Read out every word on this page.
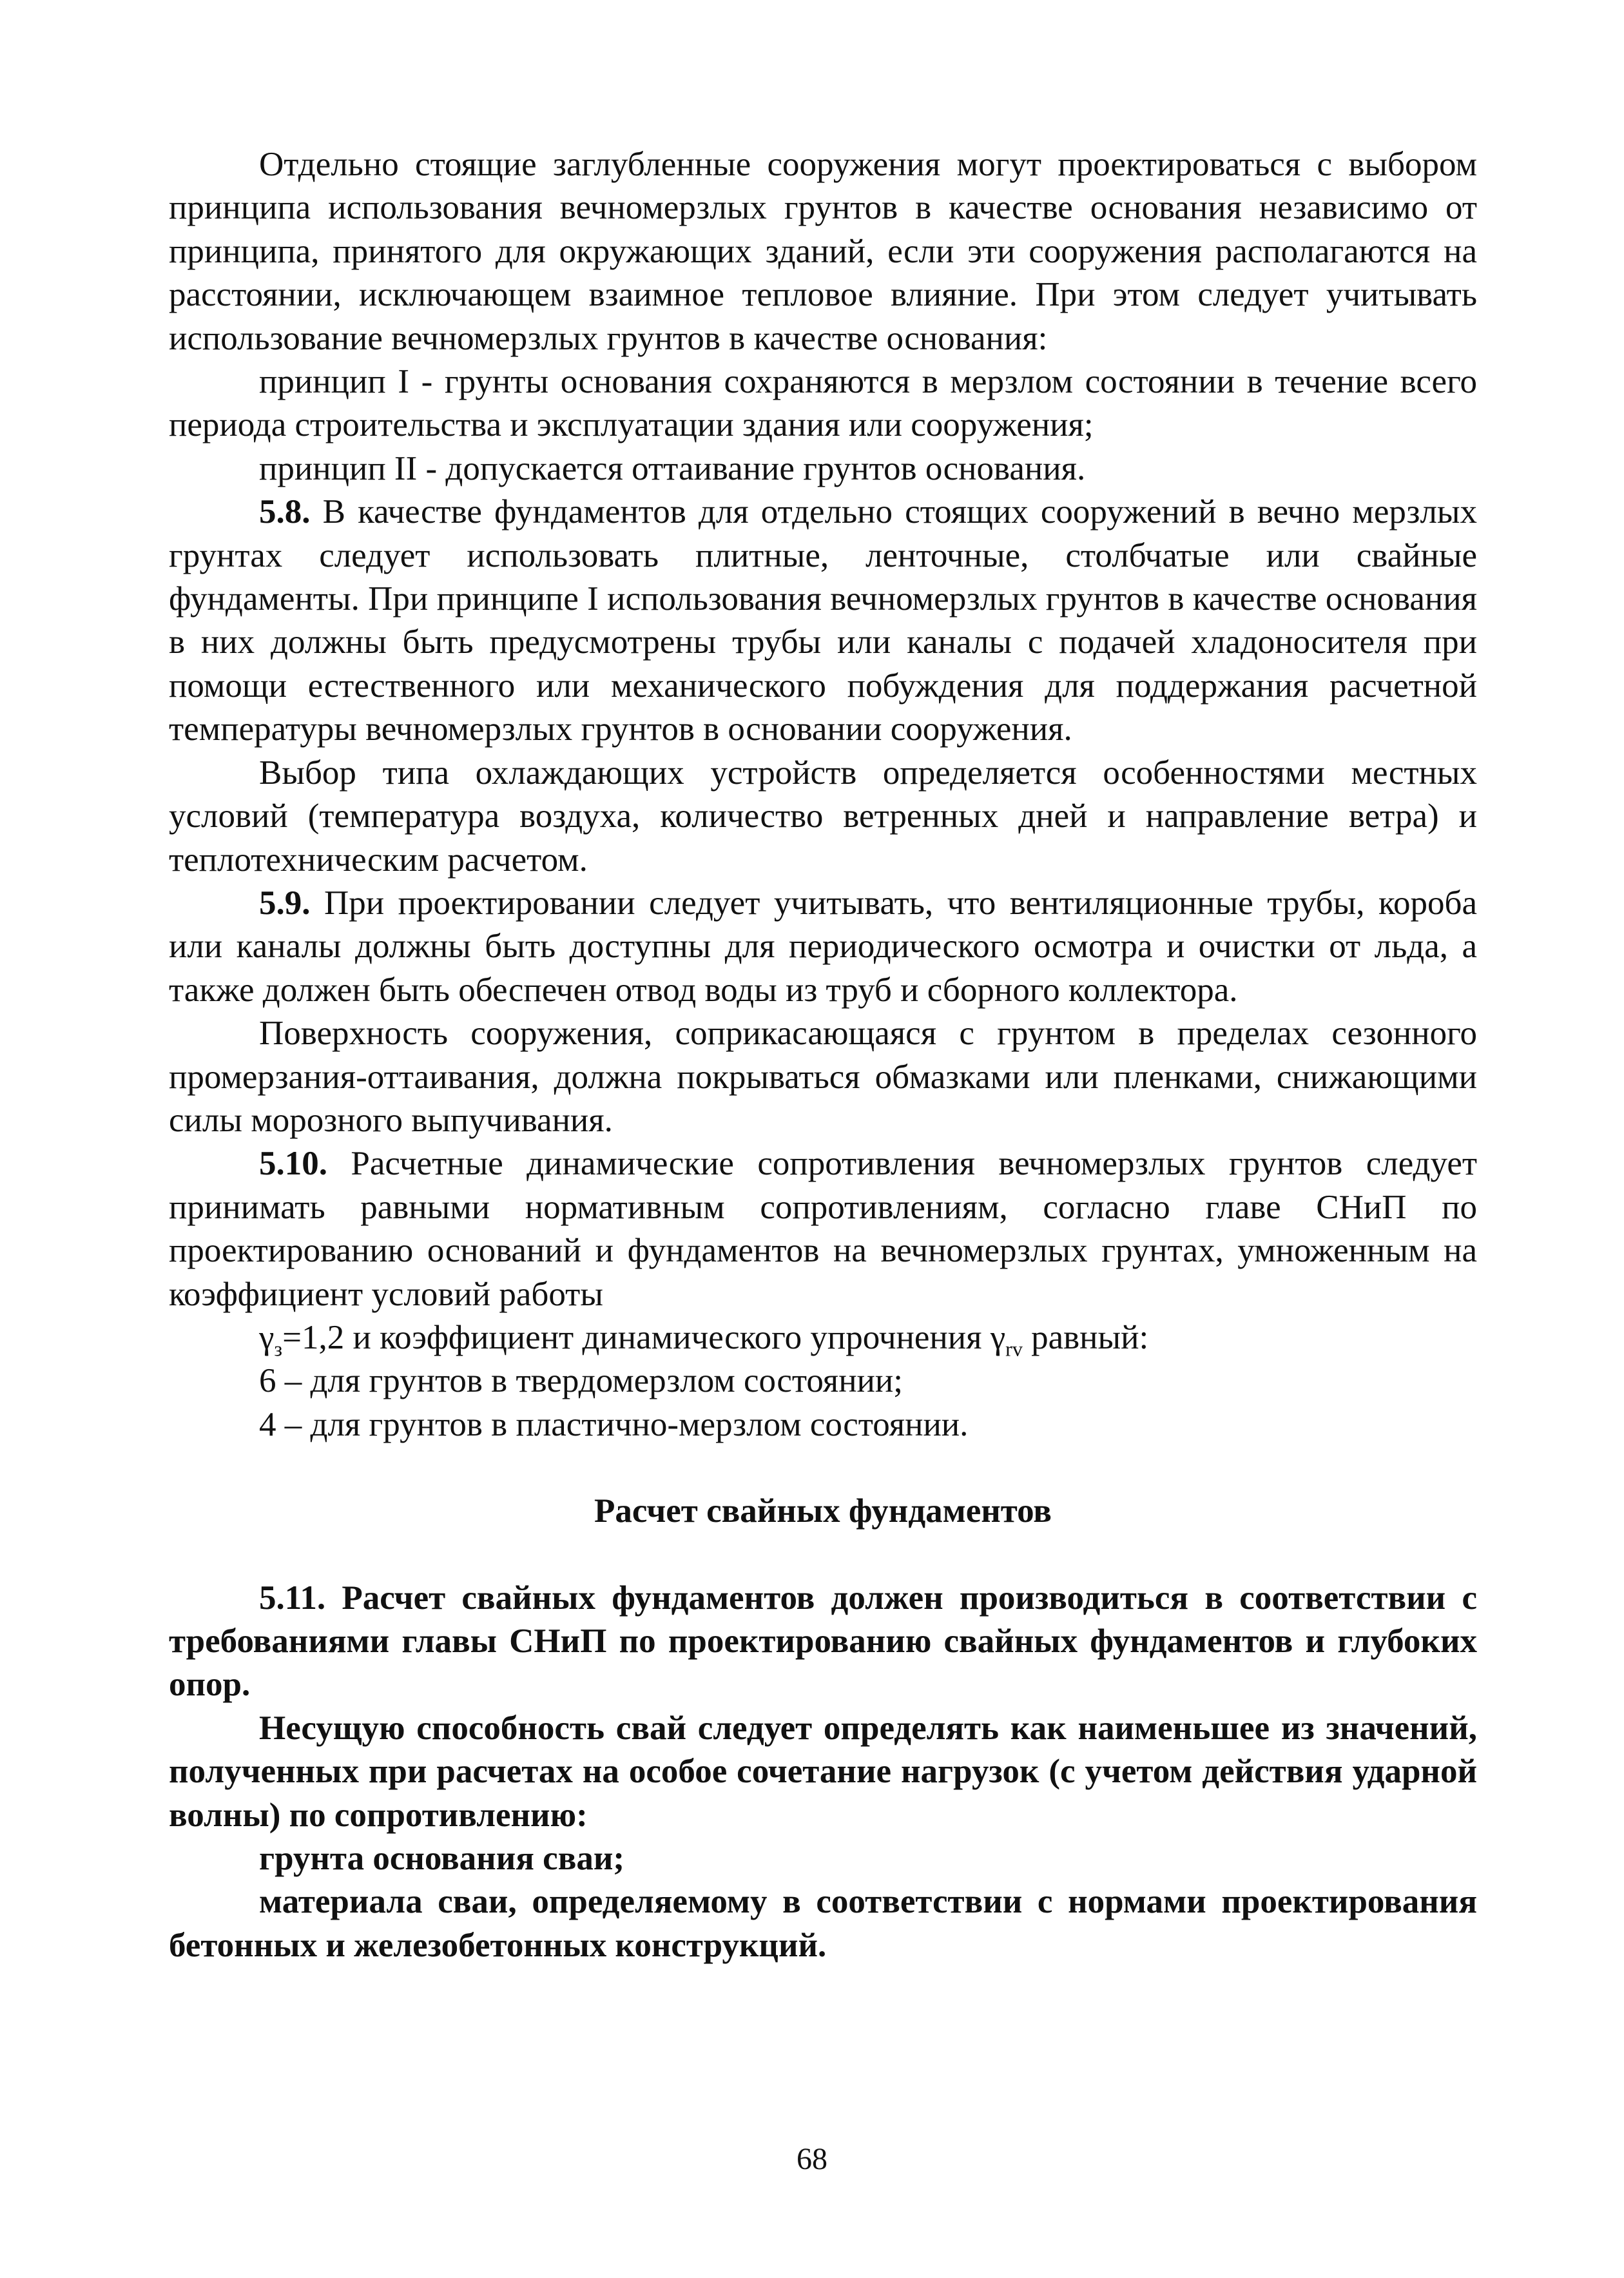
Отдельно стоящие заглубленные сооружения могут проектироваться с выбором принципа использования вечномерзлых грунтов в качестве основания независимо от принципа, принятого для окружающих зданий, если эти сооружения располагаются на расстоянии, исключающем взаимное тепловое влияние. При этом следует учитывать использование вечномерзлых грунтов в качестве основания:

принцип I - грунты основания сохраняются в мерзлом состоянии в течение всего периода строительства и эксплуатации здания или сооружения;

принцип II - допускается оттаивание грунтов основания.

5.8. В качестве фундаментов для отдельно стоящих сооружений в вечно мерзлых грунтах следует использовать плитные, ленточные, столбчатые или свайные фундаменты. При принципе I использования вечномерзлых грунтов в качестве основания в них должны быть предусмотрены трубы или каналы с подачей хладоносителя при помощи естественного или механического побуждения для поддержания расчетной температуры вечномерзлых грунтов в основании сооружения.

Выбор типа охлаждающих устройств определяется особенностями местных условий (температура воздуха, количество ветренных дней и направление ветра) и теплотехническим расчетом.

5.9. При проектировании следует учитывать, что вентиляционные трубы, короба или каналы должны быть доступны для периодического осмотра и очистки от льда, а также должен быть обеспечен отвод воды из труб и сборного коллектора.

Поверхность сооружения, соприкасающаяся с грунтом в пределах сезонного промерзания-оттаивания, должна покрываться обмазками или пленками, снижающими силы морозного выпучивания.

5.10. Расчетные динамические сопротивления вечномерзлых грунтов следует принимать равными нормативным сопротивлениям, согласно главе СНиП по проектированию оснований и фундаментов на вечномерзлых грунтах, умноженным на коэффициент условий работы

$\gamma_з=1,2$ и коэффициент динамического упрочнения $\gamma_{rv}$ равный:

6 – для грунтов в твердомерзлом состоянии;

4 – для грунтов в пластично-мерзлом состоянии.

Расчет свайных фундаментов

5.11. Расчет свайных фундаментов должен производиться в соответствии с требованиями главы СНиП по проектированию свайных фундаментов и глубоких опор.

Несущую способность свай следует определять как наименьшее из значений, полученных при расчетах на особое сочетание нагрузок (с учетом действия ударной волны) по сопротивлению:

грунта основания сваи;

материала сваи, определяемому в соответствии с нормами проектирования бетонных и железобетонных конструкций.

68
